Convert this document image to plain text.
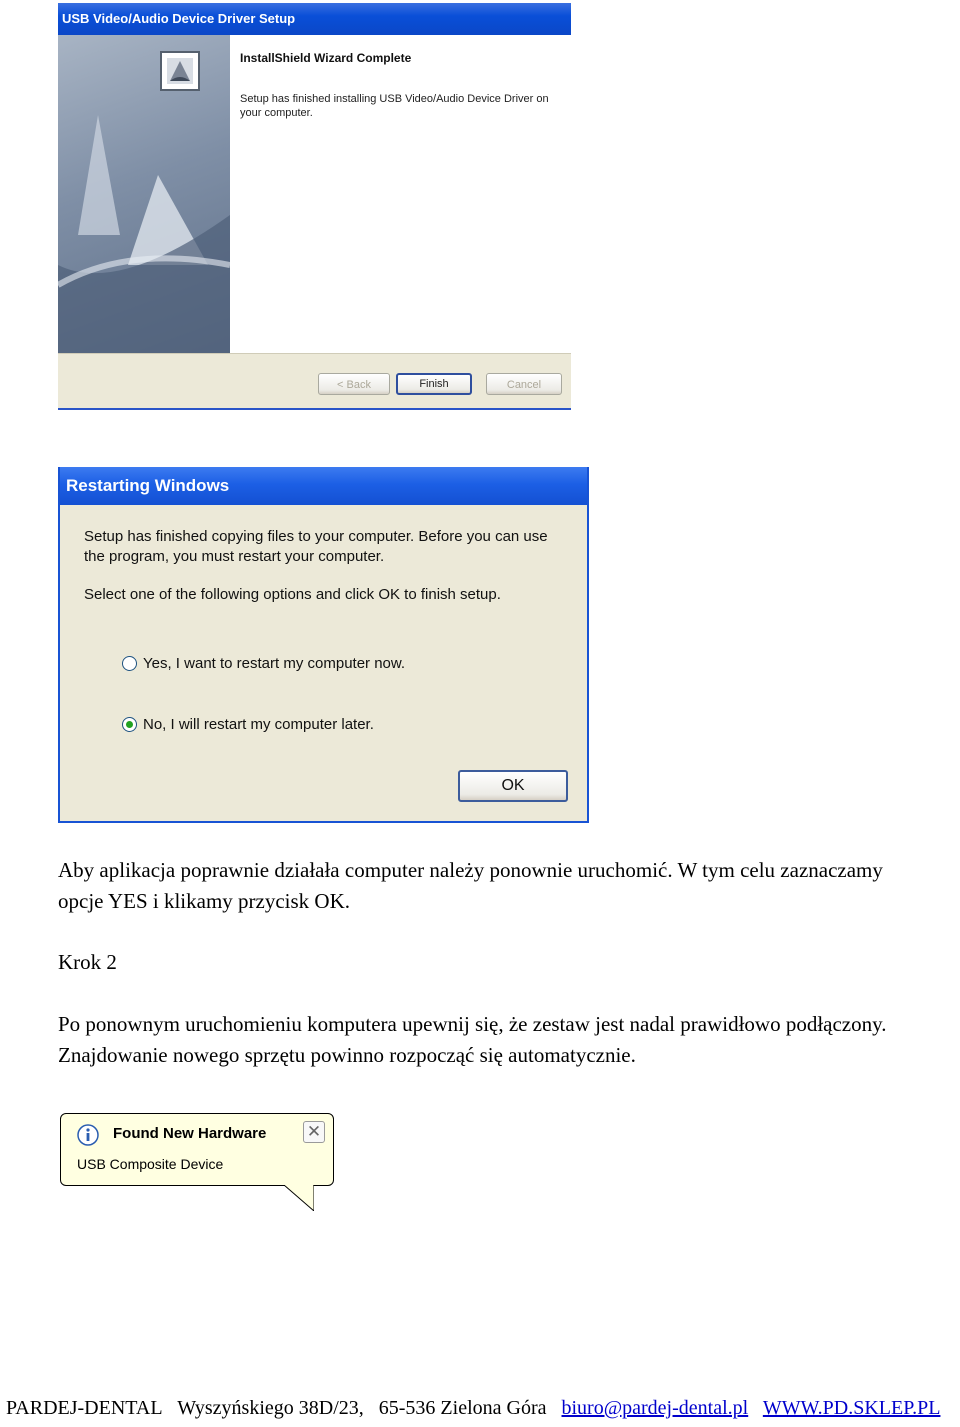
USB Video/Audio Device Driver Setup
InstallShield Wizard Complete
Setup has finished installing USB Video/Audio Device Driver on your computer.
< Back	Finish	Cancel
Restarting Windows
Setup has finished copying files to your computer. Before you can use the program, you must restart your computer.
Select one of the following options and click OK to finish setup.
Yes, I want to restart my computer now.
No, I will restart my computer later.
OK

Aby aplikacja poprawnie działała computer należy ponownie uruchomić. W tym celu zaznaczamy opcje YES i klikamy przycisk OK.

Krok 2

Po ponownym uruchomieniu komputera upewnij się, że zestaw jest nadal prawidłowo podłączony. Znajdowanie nowego sprzętu powinno rozpocząć się automatycznie.

Found New Hardware
USB Composite Device
✕
PARDEJ-DENTAL Wyszyńskiego 38D/23, 65-536 Zielona Góra biuro@pardej-dental.pl WWW.PD.SKLEP.PL
